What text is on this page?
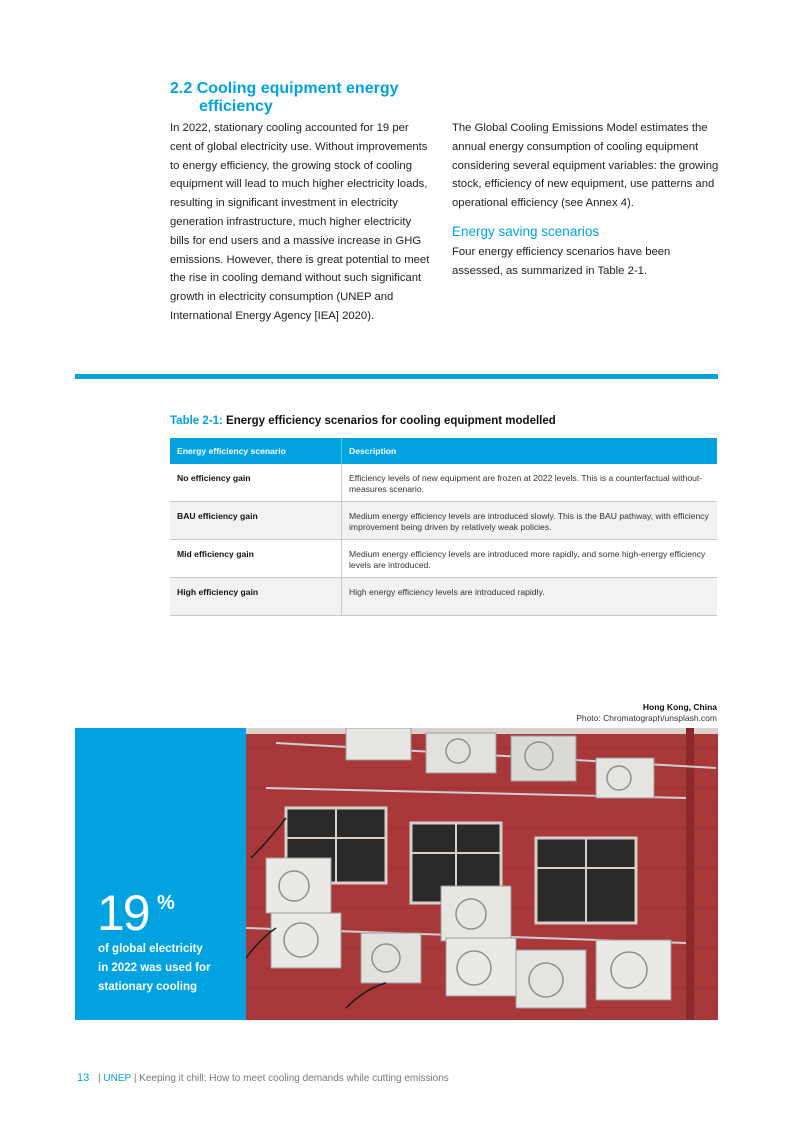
2.2 Cooling equipment energy
efficiency

In 2022, stationary cooling accounted for 19 per cent of global electricity use. Without improvements to energy efficiency, the growing stock of cooling equipment will lead to much higher electricity loads, resulting in significant investment in electricity generation infrastructure, much higher electricity bills for end users and a massive increase in GHG emissions. However, there is great potential to meet the rise in cooling demand without such significant growth in electricity consumption (UNEP and International Energy Agency [IEA] 2020).

The Global Cooling Emissions Model estimates the annual energy consumption of cooling equipment considering several equipment variables: the growing stock, efficiency of new equipment, use patterns and operational efficiency (see Annex 4).

Energy saving scenarios

Four energy efficiency scenarios have been assessed, as summarized in Table 2-1.

Table 2-1: Energy efficiency scenarios for cooling equipment modelled
Energy efficiency scenario	Description
No efficiency gain	Efficiency levels of new equipment are frozen at 2022 levels. This is a counterfactual without-measures scenario.
BAU efficiency gain	Medium energy efficiency levels are introduced slowly. This is the BAU pathway, with efficiency improvement being driven by relatively weak policies.
Mid efficiency gain	Medium energy efficiency levels are introduced more rapidly, and some high-energy efficiency levels are introduced.
High efficiency gain	High energy efficiency levels are introduced rapidly.
Hong Kong, China
Photo: Chromatograph/unsplash.com
19 %
of global electricity
in 2022 was used for
stationary cooling
13 | UNEP | Keeping it chill: How to meet cooling demands while cutting emissions
